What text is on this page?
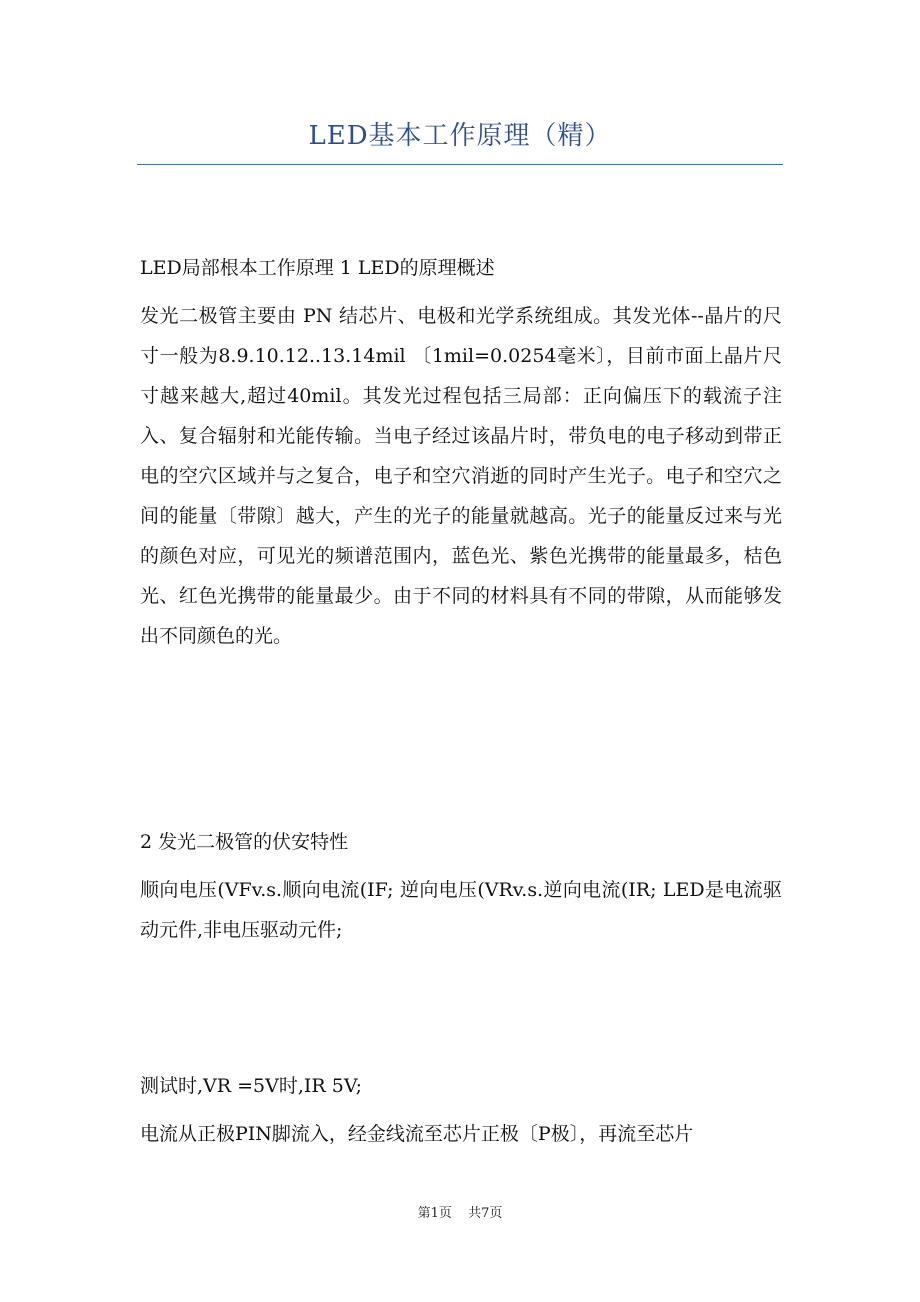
LED基本工作原理（精）

LED局部根本工作原理 1 LED的原理概述

发光二极管主要由 PN 结芯片、电极和光学系统组成。其发光体--晶片的尺寸一般为8.9.10.12..13.14mil 〔1mil=0.0254毫米〕，目前市面上晶片尺寸越来越大,超过40mil。其发光过程包括三局部：正向偏压下的载流子注入、复合辐射和光能传输。当电子经过该晶片时，带负电的电子移动到带正电的空穴区域并与之复合，电子和空穴消逝的同时产生光子。电子和空穴之间的能量〔带隙〕越大，产生的光子的能量就越高。光子的能量反过来与光的颜色对应，可见光的频谱范围内，蓝色光、紫色光携带的能量最多，桔色光、红色光携带的能量最少。由于不同的材料具有不同的带隙，从而能够发出不同颜色的光。

2 发光二极管的伏安特性

顺向电压(VFv.s.顺向电流(IF; 逆向电压(VRv.s.逆向电流(IR; LED是电流驱动元件,非电压驱动元件;

测试时,VR =5V时,IR 5V;

电流从正极PIN脚流入，经金线流至芯片正极〔P极〕，再流至芯片

第1页 共7页
